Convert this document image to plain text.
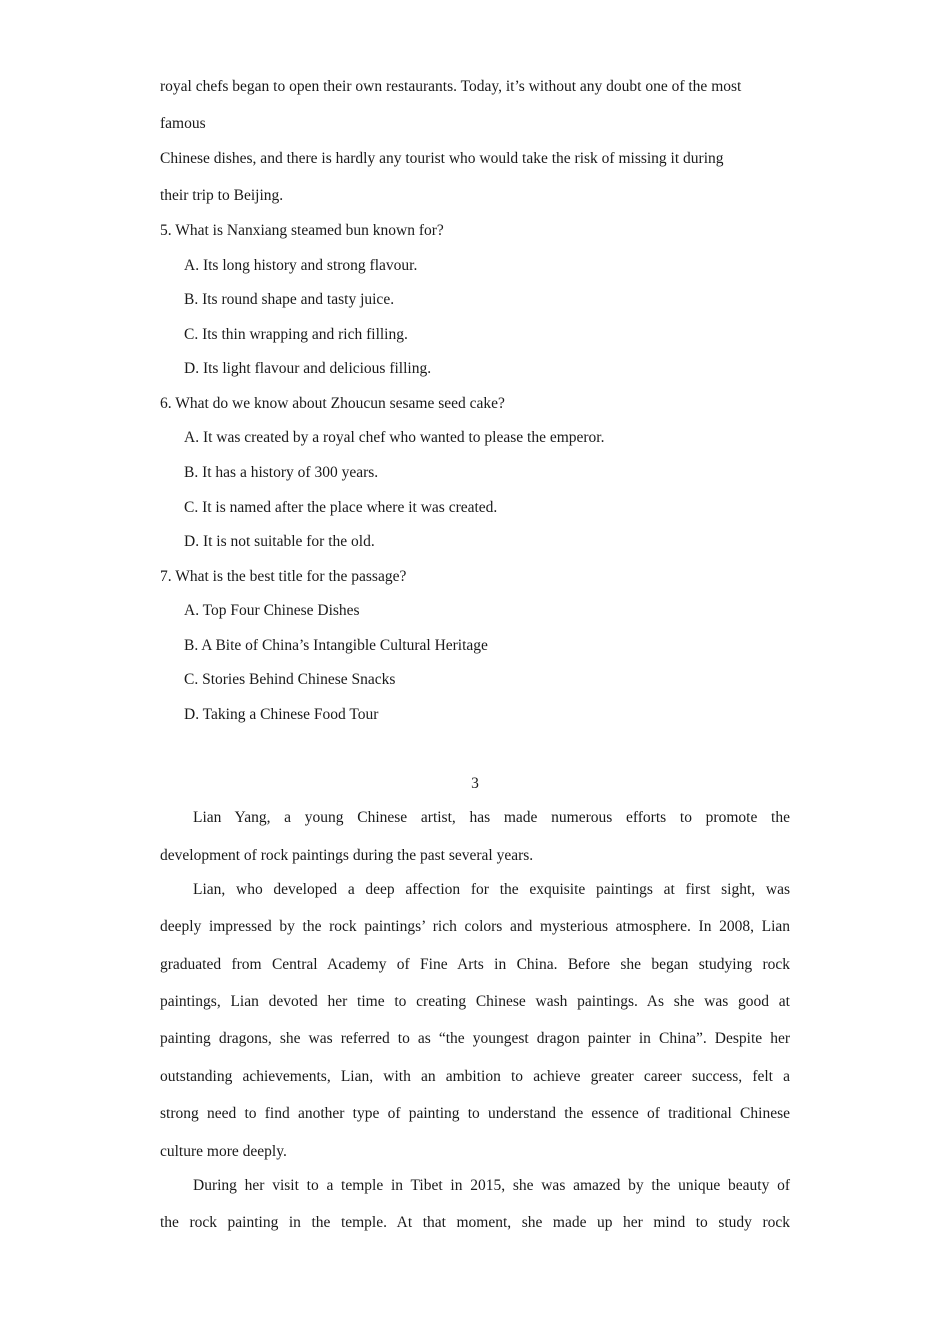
royal chefs began to open their own restaurants. Today, it’s without any doubt one of the most
famous
Chinese dishes, and there is hardly any tourist who would take the risk of missing it during
their trip to Beijing.
5. What is Nanxiang steamed bun known for?
A. Its long history and strong flavour.
B. Its round shape and tasty juice.
C. Its thin wrapping and rich filling.
D. Its light flavour and delicious filling.
6. What do we know about Zhoucun sesame seed cake?
A. It was created by a royal chef who wanted to please the emperor.
B. It has a history of 300 years.
C. It is named after the place where it was created.
D. It is not suitable for the old.
7. What is the best title for the passage?
A. Top Four Chinese Dishes
B. A Bite of China’s Intangible Cultural Heritage
C. Stories Behind Chinese Snacks
D. Taking a Chinese Food Tour
3
Lian Yang, a young Chinese artist, has made numerous efforts to promote the
development of rock paintings during the past several years.
Lian, who developed a deep affection for the exquisite paintings at first sight, was
deeply impressed by the rock paintings’ rich colors and mysterious atmosphere. In 2008, Lian
graduated from Central Academy of Fine Arts in China. Before she began studying rock
paintings, Lian devoted her time to creating Chinese wash paintings. As she was good at
painting dragons, she was referred to as “the youngest dragon painter in China”. Despite her
outstanding achievements, Lian, with an ambition to achieve greater career success, felt a
strong need to find another type of painting to understand the essence of traditional Chinese
culture more deeply.
During her visit to a temple in Tibet in 2015, she was amazed by the unique beauty of
the rock painting in the temple. At that moment, she made up her mind to study rock
